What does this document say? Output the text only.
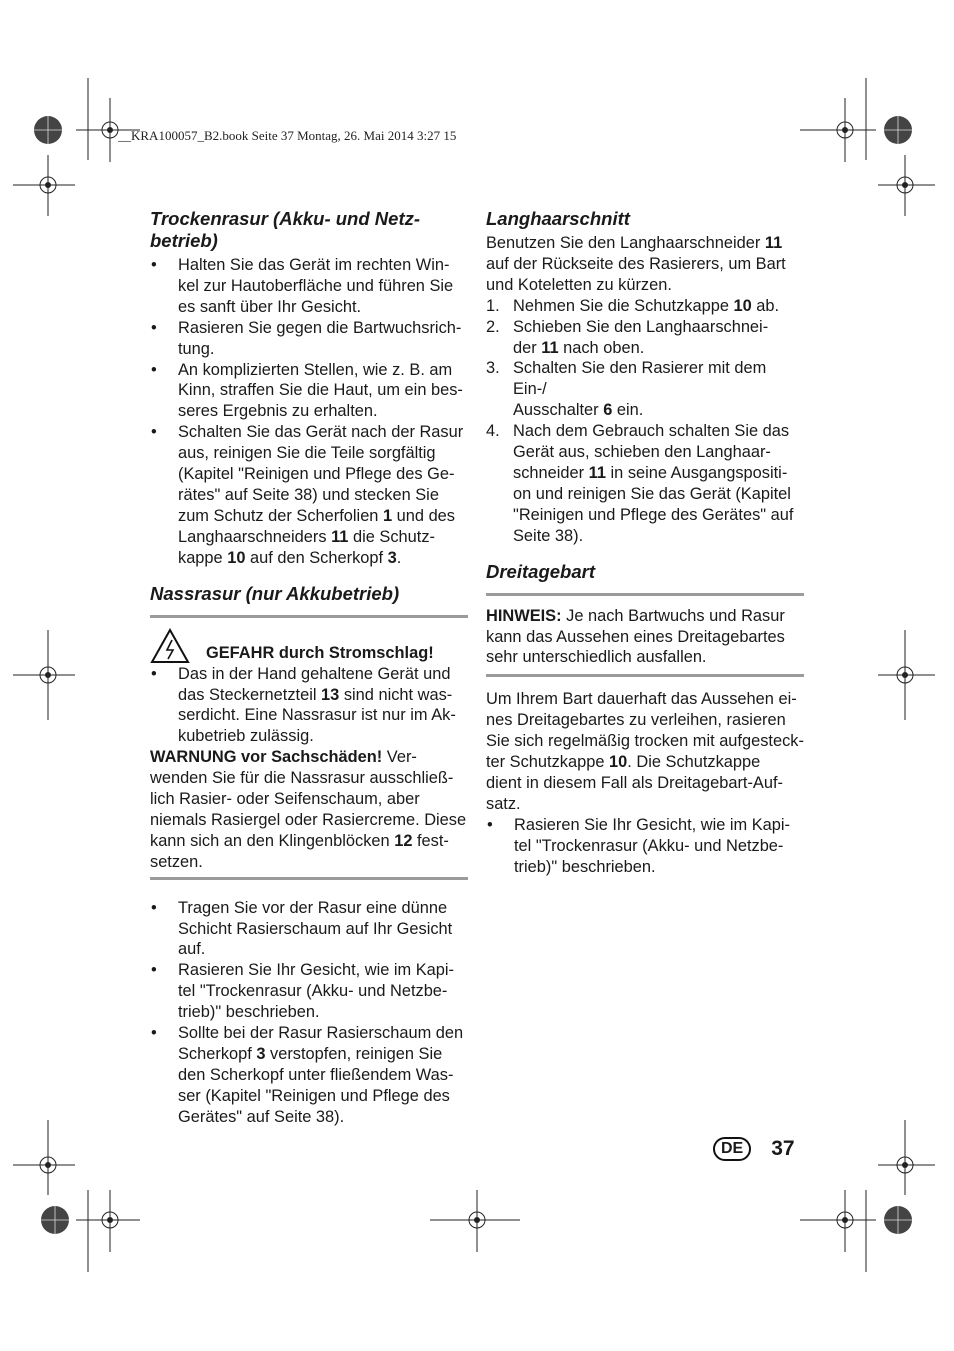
__KRA100057_B2.book Seite 37 Montag, 26. Mai 2014 3:27 15
Trockenrasur (Akku- und Netz-
betrieb)
•	Halten Sie das Gerät im rechten Win-
kel zur Hautoberfläche und führen Sie
es sanft über Ihr Gesicht.
•	Rasieren Sie gegen die Bartwuchsrich-
tung.
•	An komplizierten Stellen, wie z. B. am
Kinn, straffen Sie die Haut, um ein bes-
seres Ergebnis zu erhalten.
•	Schalten Sie das Gerät nach der Rasur
aus, reinigen Sie die Teile sorgfältig
(Kapitel "Reinigen und Pflege des Ge-
rätes" auf Seite 38) und stecken Sie
zum Schutz der Scherfolien 1 und des
Langhaarschneiders 11 die Schutz-
kappe 10 auf den Scherkopf 3.
Nassrasur (nur Akkubetrieb)
GEFAHR durch Stromschlag!
•	Das in der Hand gehaltene Gerät und
das Steckernetzteil 13 sind nicht was-
serdicht. Eine Nassrasur ist nur im Ak-
kubetrieb zulässig.

WARNUNG vor Sachschäden! Ver-
wenden Sie für die Nassrasur ausschließ-
lich Rasier- oder Seifenschaum, aber
niemals Rasiergel oder Rasiercreme. Diese
kann sich an den Klingenblöcken 12 fest-
setzen.

•	Tragen Sie vor der Rasur eine dünne
Schicht Rasierschaum auf Ihr Gesicht auf.
•	Rasieren Sie Ihr Gesicht, wie im Kapi-
tel "Trockenrasur (Akku- und Netzbe-
trieb)" beschrieben.
•	Sollte bei der Rasur Rasierschaum den
Scherkopf 3 verstopfen, reinigen Sie
den Scherkopf unter fließendem Was-
ser (Kapitel "Reinigen und Pflege des
Gerätes" auf Seite 38).
Langhaarschnitt

Benutzen Sie den Langhaarschneider 11
auf der Rückseite des Rasierers, um Bart
und Koteletten zu kürzen.

1. Nehmen Sie die Schutzkappe 10 ab.
2. Schieben Sie den Langhaarschnei-
der 11 nach oben.
3. Schalten Sie den Rasierer mit dem Ein-/
Ausschalter 6 ein.
4. Nach dem Gebrauch schalten Sie das
Gerät aus, schieben den Langhaar-
schneider 11 in seine Ausgangspositi-
on und reinigen Sie das Gerät (Kapitel
"Reinigen und Pflege des Gerätes" auf
Seite 38).
Dreitagebart

HINWEIS: Je nach Bartwuchs und Rasur
kann das Aussehen eines Dreitagebartes
sehr unterschiedlich ausfallen.

Um Ihrem Bart dauerhaft das Aussehen ei-
nes Dreitagebartes zu verleihen, rasieren
Sie sich regelmäßig trocken mit aufgesteck-
ter Schutzkappe 10. Die Schutzkappe
dient in diesem Fall als Dreitagebart-Auf-
satz.

•	Rasieren Sie Ihr Gesicht, wie im Kapi-
tel "Trockenrasur (Akku- und Netzbe-
trieb)" beschrieben.
DE	37
